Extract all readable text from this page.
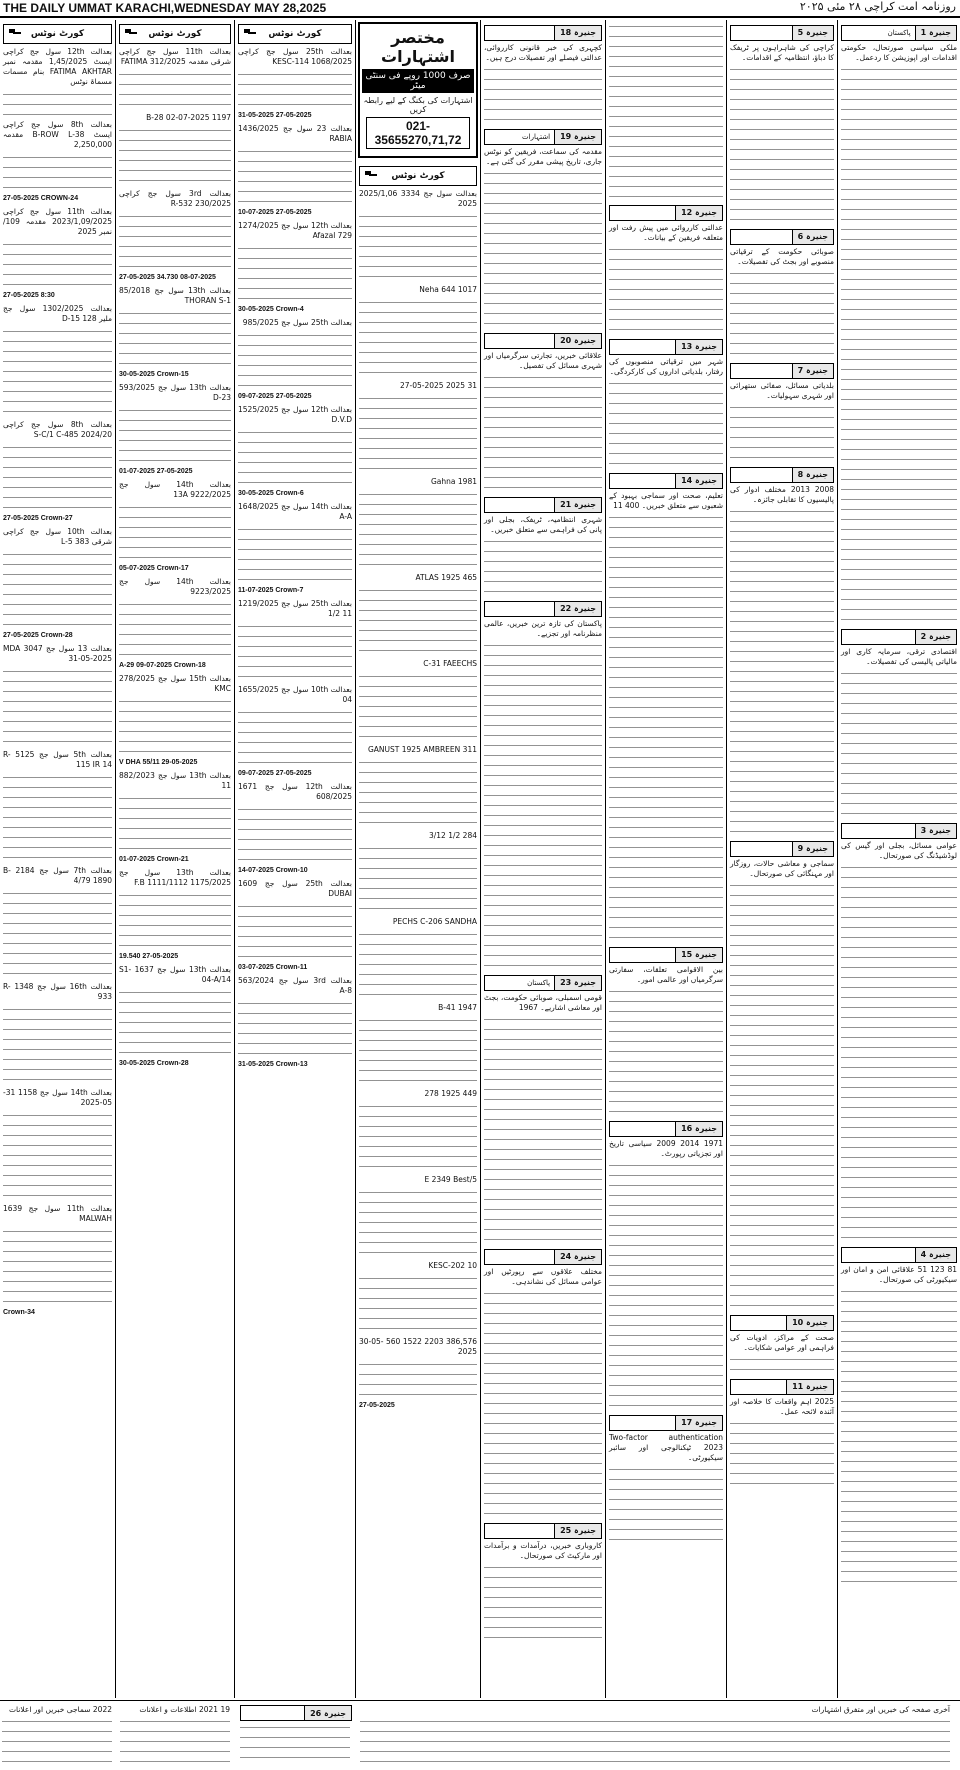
THE DAILY UMMAT KARACHI,WEDNESDAY MAY 28,2025	روزنامہ امت کراچی ۲۸ مئی ۲۰۲۵
کورٹ نوٹس

بعدالت 12th سول جج کراچی ایسٹ 1,45/2025 مقدمہ نمبر FATIMA AKHTAR بنام مسمات مسماۃ نوٹس

بعدالت 8th سول جج کراچی ایسٹ B-ROW L-38 مقدمہ 2,250,000

27-05-2025 CROWN-24

بعدالت 11th سول جج کراچی 2023/1,09/2025 مقدمہ 109/نمبر 2025

27-05-2025 8:30

بعدالت 1302/2025 سول جج ملیر 128 D-15

بعدالت 8th سول جج کراچی 2024/20 S-C/1 C-485

27-05-2025 Crown-27

بعدالت 10th سول جج کراچی شرقی 383 5-L

27-05-2025 Crown-28

بعدالت 13 سول جج 3047 MDA 31-05-2025

بعدالت 5th سول جج 5125 R-115 IR 14

بعدالت 7th سول جج 2184 B-4/79 1890

بعدالت 16th سول جج 1348 R-933

بعدالت 14th سول جج 1158 31-05-2025

بعدالت 11th سول جج 1639 MALWAH

Crown-34
کورٹ نوٹس

بعدالت 11th سول جج کراچی شرقی مقدمہ 312/2025 FATIMA

1197 B-28 02-07-2025

بعدالت 3rd سول جج کراچی 230/2025 R-532

27-05-2025 34.730 08-07-2025

بعدالت 13th سول جج 85/2018 THORAN S-1

30-05-2025 Crown-15

بعدالت 13th سول جج 593/2025 D-23

01-07-2025 27-05-2025

بعدالت 14th سول جج 9222/2025 13A

05-07-2025 Crown-17

بعدالت 14th سول جج 9223/2025

A-29 09-07-2025 Crown-18

بعدالت 15th سول جج 278/2025 KMC

V DHA 55/11 29-05-2025

بعدالت 13th سول جج 882/2023 11

01-07-2025 Crown-21

بعدالت 13th سول جج 1175/2025 F.B 1111/1112

19.540 27-05-2025

بعدالت 13th سول جج 1637 S1-04-A/14

30-05-2025 Crown-28
کورٹ نوٹس

بعدالت 25th سول جج کراچی 1068/2025 KESC-114

31-05-2025 27-05-2025

بعدالت 23 سول جج 1436/2025 RABIA

10-07-2025 27-05-2025

بعدالت 12th سول جج 1274/2025 Afazal 729

30-05-2025 Crown-4

بعدالت 25th سول جج 985/2025

09-07-2025 27-05-2025

بعدالت 12th سول جج 1525/2025 D.V.D

30-05-2025 Crown-6

بعدالت 14th سول جج 1648/2025 A-A

11-07-2025 Crown-7

بعدالت 25th سول جج 1219/2025 11 1/2

بعدالت 10th سول جج 1655/2025 04

09-07-2025 27-05-2025

بعدالت 12th سول جج 1671 608/2025

14-07-2025 Crown-10

بعدالت 25th سول جج 1609 DUBAI

03-07-2025 Crown-11

بعدالت 3rd سول جج 563/2024 A-8

31-05-2025 Crown-13
مختصر اشتہارات
صرف 1000 روپے فی سنٹی میٹر
اشتہارات کی بکنگ کے لیے رابطہ کریں
021-35655270,71,72
کورٹ نوٹس

بعدالت سول جج 3334 2025/1,06 2025

1017 Neha 644

31 2025 27-05-2025

1981 Gahna

465 ATLAS 1925

C-31 FAEECHS

311 GANUST 1925 AMBREEN

284 1/2 3/12

PECHS C-206 SANDHA

1947 B-41

449 1925 278

5/E 2349 Best

KESC-202 10

386,576 2203 1522 560 30-05-2025

27-05-2025
جنیرہ 18

کچہری کی خبر قانونی کارروائی، عدالتی فیصلے اور تفصیلات درج ہیں۔

جنیرہ 19
اشتہارات

مقدمہ کی سماعت، فریقین کو نوٹس جاری، تاریخ پیشی مقرر کی گئی ہے۔

جنیرہ 20

علاقائی خبریں، تجارتی سرگرمیاں اور شہری مسائل کی تفصیل۔

جنیرہ 21

شہری انتظامیہ، ٹریفک، بجلی اور پانی کی فراہمی سے متعلق خبریں۔

جنیرہ 22

پاکستان کی تازہ ترین خبریں، عالمی منظرنامہ اور تجزیے۔

جنیرہ 23
پاکستان

قومی اسمبلی، صوبائی حکومت، بجٹ اور معاشی اشاریے۔ 1967

جنیرہ 24

مختلف علاقوں سے رپورٹیں اور عوامی مسائل کی نشاندہی۔

جنیرہ 25

کاروباری خبریں، درآمدات و برآمدات اور مارکیٹ کی صورتحال۔

جنیرہ 12

عدالتی کارروائی میں پیش رفت اور متعلقہ فریقین کے بیانات۔

جنیرہ 13

شہر میں ترقیاتی منصوبوں کی رفتار، بلدیاتی اداروں کی کارکردگی۔

جنیرہ 14

تعلیم، صحت اور سماجی بہبود کے شعبوں سے متعلق خبریں۔ 400 11

جنیرہ 15

بین الاقوامی تعلقات، سفارتی سرگرمیاں اور عالمی امور۔

جنیرہ 16

1971 2014 2009 سیاسی تاریخ اور تجزیاتی رپورٹ۔

جنیرہ 17

Two-factor authentication 2023 ٹیکنالوجی اور سائبر سیکیورٹی۔

جنیرہ 5

کراچی کی شاہراہوں پر ٹریفک کا دباؤ، انتظامیہ کے اقدامات۔

جنیرہ 6

صوبائی حکومت کے ترقیاتی منصوبے اور بجٹ کی تفصیلات۔

جنیرہ 7

بلدیاتی مسائل، صفائی ستھرائی اور شہری سہولیات۔

جنیرہ 8

2008 2013 مختلف ادوار کی پالیسیوں کا تقابلی جائزہ۔

جنیرہ 9

سماجی و معاشی حالات، روزگار اور مہنگائی کی صورتحال۔

جنیرہ 10

صحت کے مراکز، ادویات کی فراہمی اور عوامی شکایات۔

جنیرہ 11

2025 اہم واقعات کا خلاصہ اور آئندہ لائحہ عمل۔

جنیرہ 1
پاکستان

ملکی سیاسی صورتحال، حکومتی اقدامات اور اپوزیشن کا ردعمل۔

جنیرہ 2

اقتصادی ترقی، سرمایہ کاری اور مالیاتی پالیسی کی تفصیلات۔

جنیرہ 3

عوامی مسائل، بجلی اور گیس کی لوڈشیڈنگ کی صورتحال۔

جنیرہ 4

81 123 51 علاقائی امن و امان اور سیکیورٹی کی صورتحال۔

2022 سماجی خبریں اور اعلانات	19 2021 اطلاعات و اعلانات	جنیرہ 26	آخری صفحہ کی خبریں اور متفرق اشتہارات
